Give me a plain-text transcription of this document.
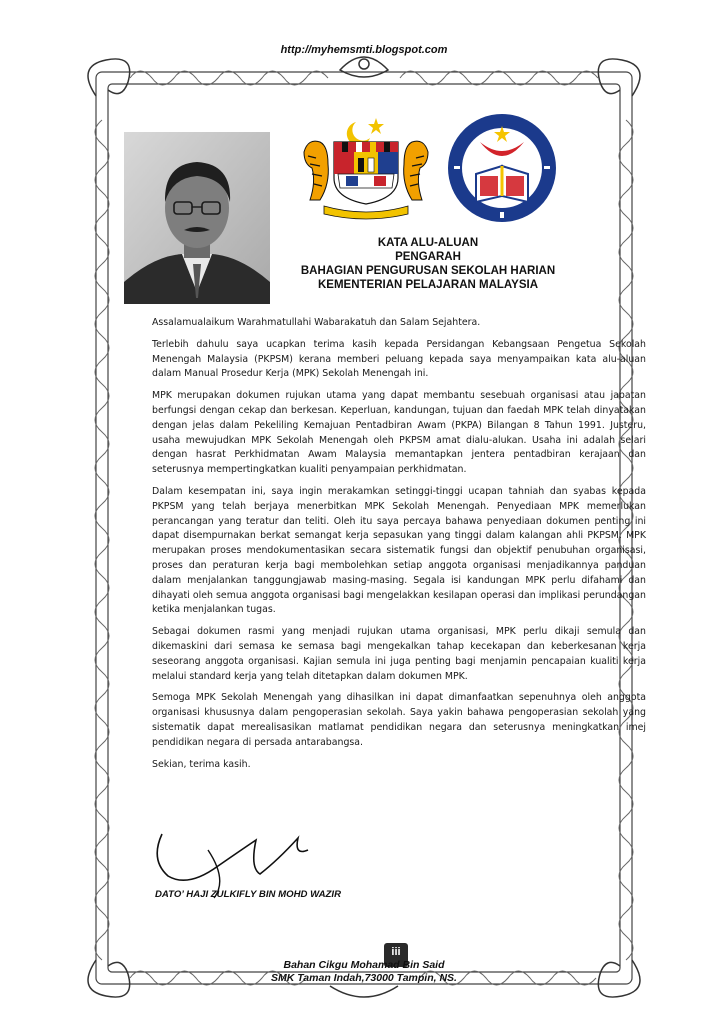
http://myhemsmti.blogspot.com
KATA ALU-ALUAN
PENGARAH
BAHAGIAN PENGURUSAN SEKOLAH HARIAN
KEMENTERIAN PELAJARAN MALAYSIA

Assalamualaikum Warahmatullahi Wabarakatuh dan Salam Sejahtera.

Terlebih dahulu saya ucapkan terima kasih kepada Persidangan Kebangsaan Pengetua Sekolah Menengah Malaysia (PKPSM) kerana memberi peluang kepada saya menyampaikan kata alu-aluan dalam Manual Prosedur Kerja (MPK) Sekolah Menengah ini.

MPK merupakan dokumen rujukan utama yang dapat membantu sesebuah organisasi atau jabatan berfungsi dengan cekap dan berkesan. Keperluan, kandungan, tujuan dan faedah MPK telah dinyatakan dengan jelas dalam Pekeliling Kemajuan Pentadbiran Awam (PKPA) Bilangan 8 Tahun 1991. Justeru, usaha mewujudkan MPK Sekolah Menengah oleh PKPSM amat dialu-alukan. Usaha ini adalah selari dengan hasrat Perkhidmatan Awam Malaysia memantapkan jentera pentadbiran kerajaan dan seterusnya mempertingkatkan kualiti penyampaian perkhidmatan.

Dalam kesempatan ini, saya ingin merakamkan setinggi-tinggi ucapan tahniah dan syabas kepada PKPSM yang telah berjaya menerbitkan MPK Sekolah Menengah. Penyediaan MPK memerlukan perancangan yang teratur dan teliti. Oleh itu saya percaya bahawa penyediaan dokumen penting ini dapat disempurnakan berkat semangat kerja sepasukan yang tinggi dalam kalangan ahli PKPSM. MPK merupakan proses mendokumentasikan secara sistematik fungsi dan objektif penubuhan organisasi, proses dan peraturan kerja bagi membolehkan setiap anggota organisasi menjadikannya panduan dalam menjalankan tanggungjawab masing-masing. Segala isi kandungan MPK perlu difahami dan dihayati oleh semua anggota organisasi bagi mengelakkan kesilapan operasi dan implikasi perundangan ketika menjalankan tugas.

Sebagai dokumen rasmi yang menjadi rujukan utama organisasi, MPK perlu dikaji semula dan dikemaskini dari semasa ke semasa bagi mengekalkan tahap kecekapan dan keberkesanan kerja seseorang anggota organisasi. Kajian semula ini juga penting bagi menjamin pencapaian kualiti kerja melalui standard kerja yang telah ditetapkan dalam dokumen MPK.

Semoga MPK Sekolah Menengah yang dihasilkan ini dapat dimanfaatkan sepenuhnya oleh anggota organisasi khususnya dalam pengoperasian sekolah. Saya yakin bahawa pengoperasian sekolah yang sistematik dapat merealisasikan matlamat pendidikan negara dan seterusnya meningkatkan imej pendidikan negara di persada antarabangsa.

Sekian, terima kasih.

DATO’ HAJI ZULKIFLY BIN MOHD WAZIR
iii
Bahan Cikgu Mohamad Bin Said
SMK Taman Indah,73000 Tampin, NS.
